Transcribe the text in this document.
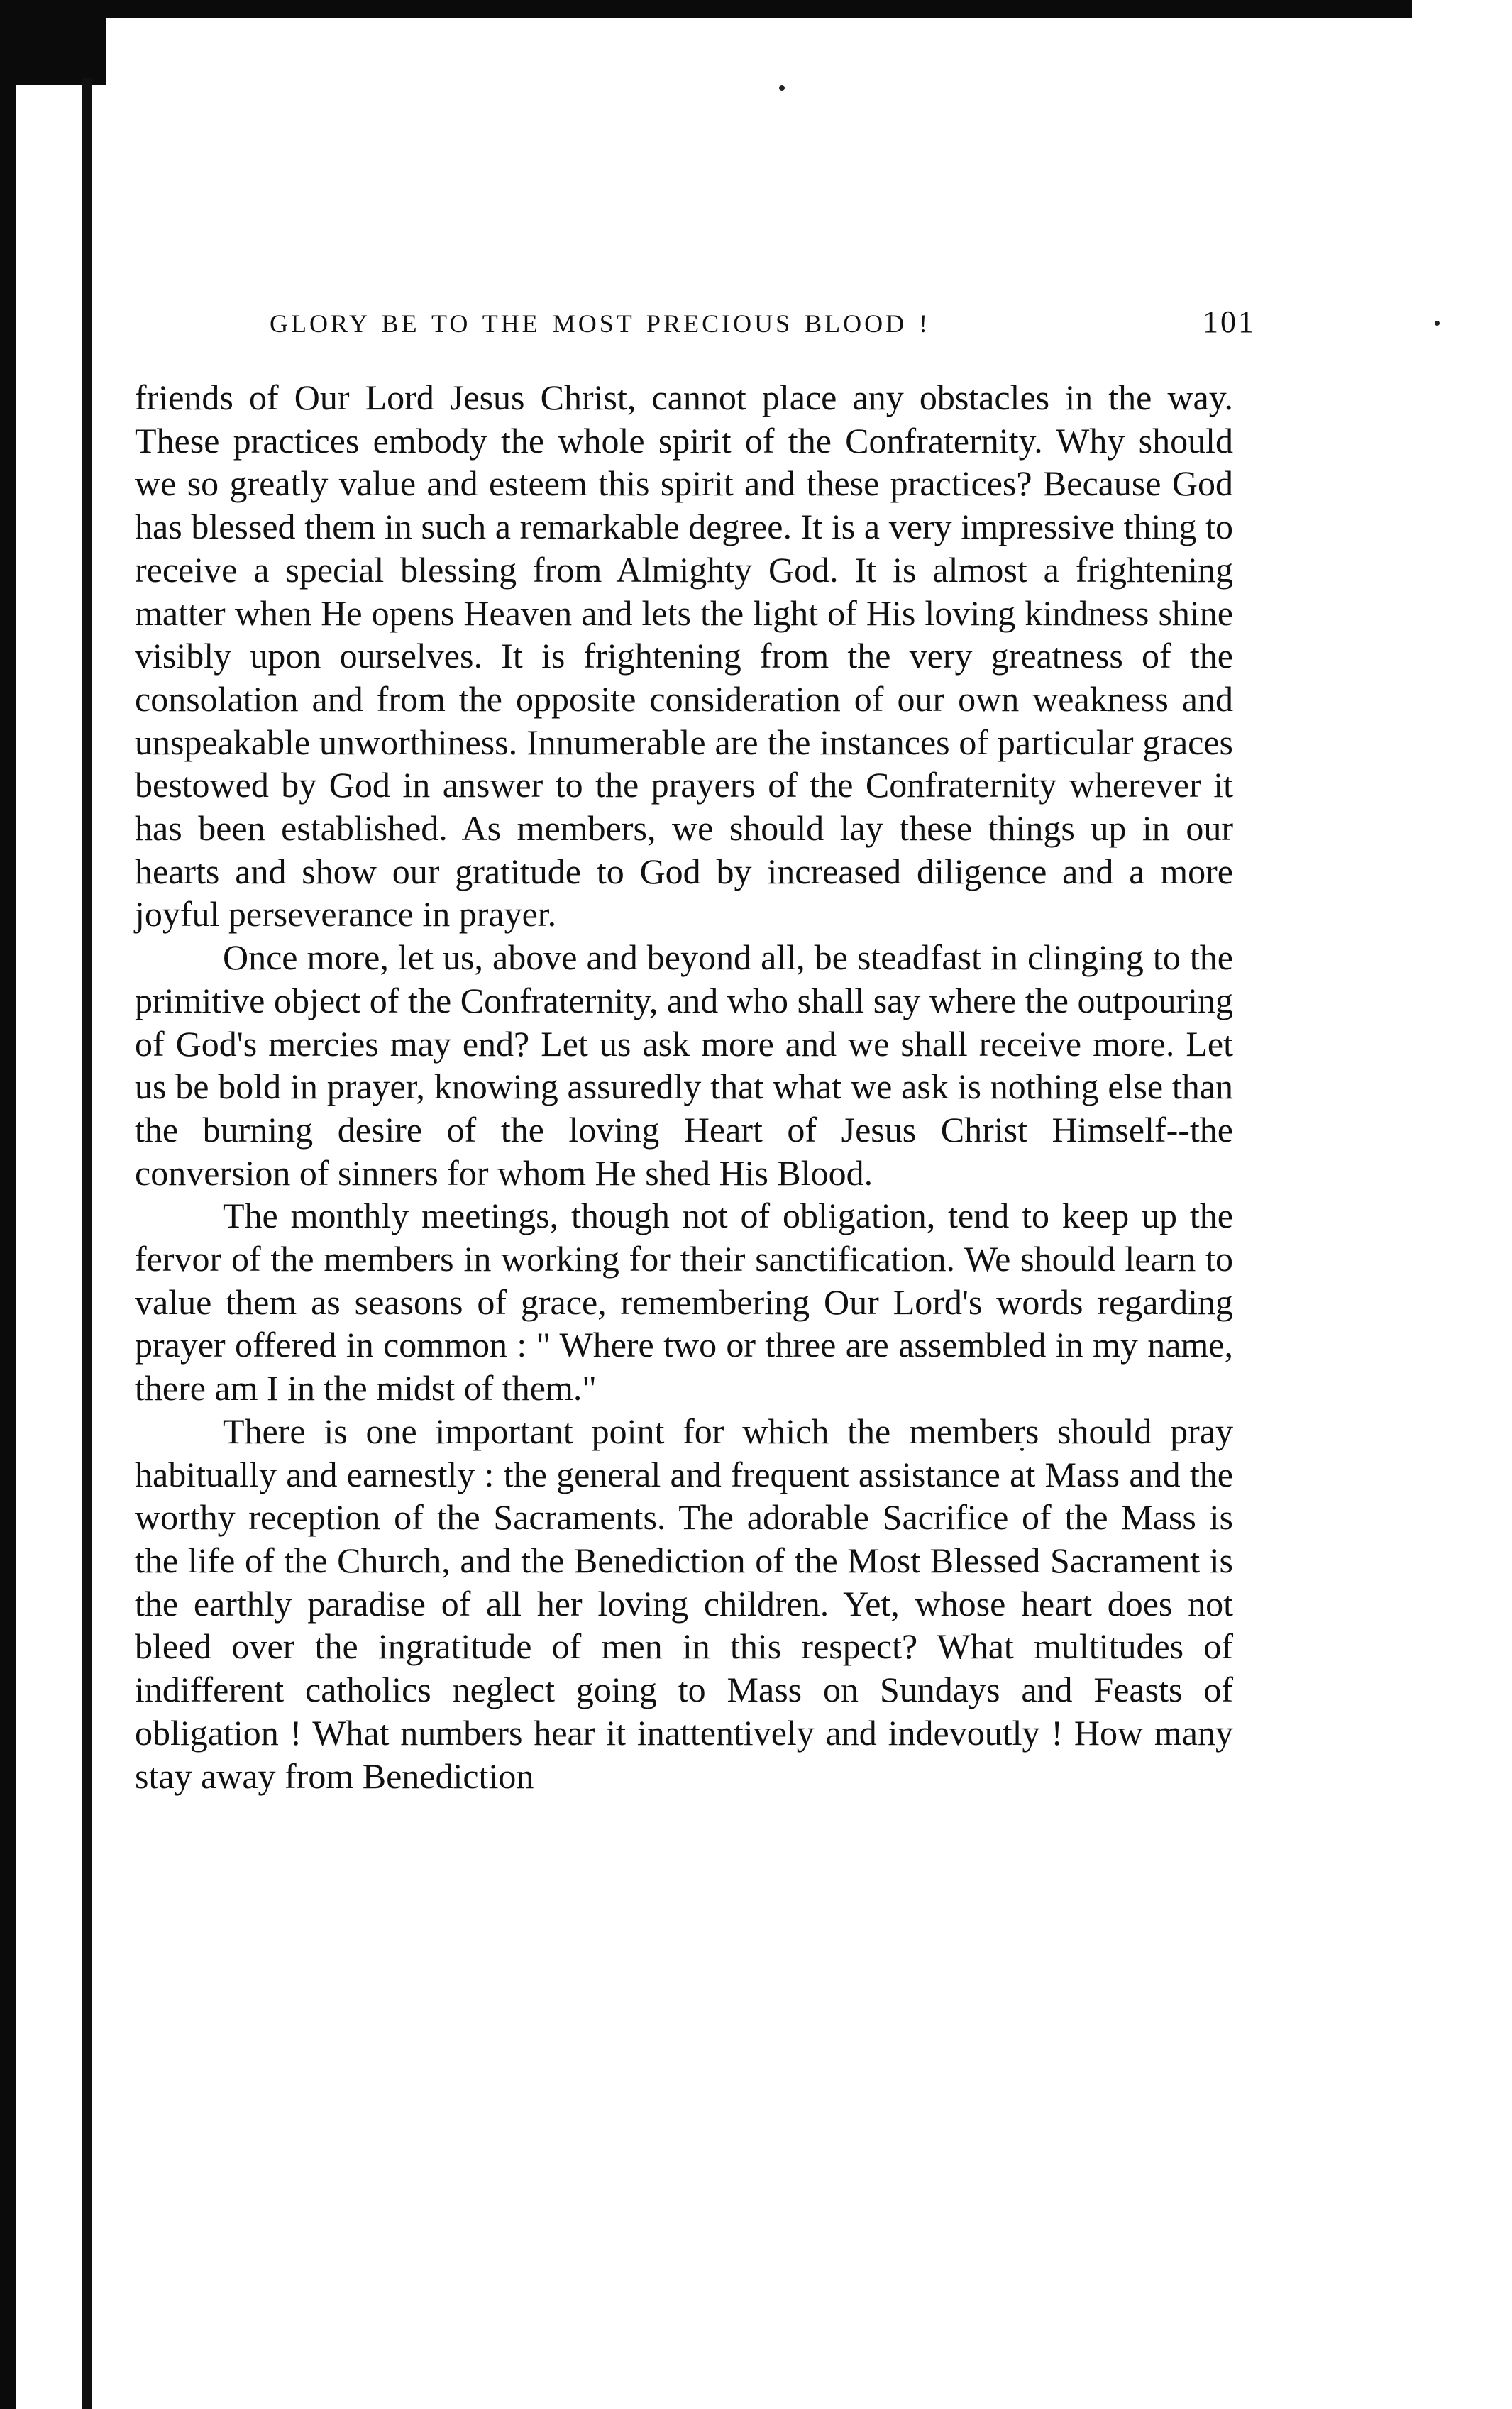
GLORY BE TO THE MOST PRECIOUS BLOOD !	101

friends of Our Lord Jesus Christ, cannot place any obstacles in the way. These practices embody the whole spirit of the Confraternity. Why should we so greatly value and esteem this spirit and these practices? Because God has blessed them in such a remarkable degree. It is a very impressive thing to receive a special blessing from Almighty God. It is almost a frightening matter when He opens Heaven and lets the light of His loving kindness shine visibly upon ourselves. It is frightening from the very greatness of the consolation and from the opposite consideration of our own weakness and unspeakable unworthiness. Innumerable are the instances of particular graces bestowed by God in answer to the prayers of the Confraternity wherever it has been established. As members, we should lay these things up in our hearts and show our gratitude to God by increased diligence and a more joyful perseverance in prayer.

Once more, let us, above and beyond all, be steadfast in clinging to the primitive object of the Confraternity, and who shall say where the outpouring of God's mercies may end? Let us ask more and we shall receive more. Let us be bold in prayer, knowing assuredly that what we ask is nothing else than the burning desire of the loving Heart of Jesus Christ Himself--the conversion of sinners for whom He shed His Blood.

The monthly meetings, though not of obligation, tend to keep up the fervor of the members in working for their sanctification. We should learn to value them as seasons of grace, remembering Our Lord's words regarding prayer offered in common : " Where two or three are assembled in my name, there am I in the midst of them."

There is one important point for which the members should pray habitually and earnestly : the general and frequent assistance at Mass and the worthy reception of the Sacraments. The adorable Sacrifice of the Mass is the life of the Church, and the Benediction of the Most Blessed Sacrament is the earthly paradise of all her loving children. Yet, whose heart does not bleed over the ingratitude of men in this respect? What multitudes of indifferent catholics neglect going to Mass on Sundays and Feasts of obligation ! What numbers hear it inattentively and indevoutly ! How many stay away from Benediction
